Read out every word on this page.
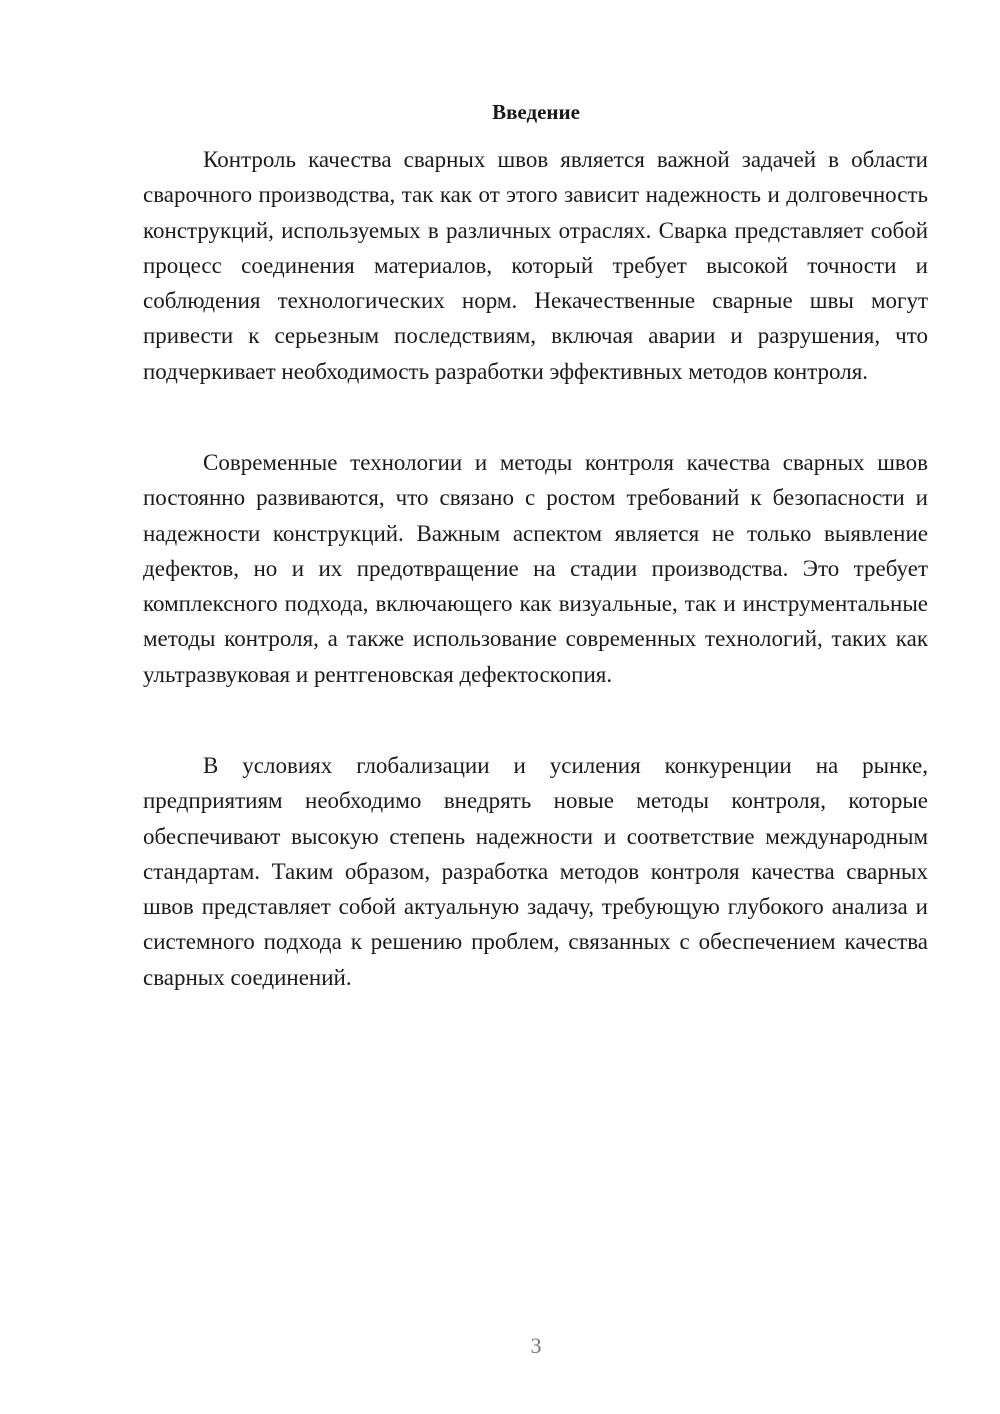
Введение

Контроль качества сварных швов является важной задачей в области сварочного производства, так как от этого зависит надежность и долговечность конструкций, используемых в различных отраслях. Сварка представляет собой процесс соединения материалов, который требует высокой точности и соблюдения технологических норм. Некачественные сварные швы могут привести к серьезным последствиям, включая аварии и разрушения, что подчеркивает необходимость разработки эффективных методов контроля.

Современные технологии и методы контроля качества сварных швов постоянно развиваются, что связано с ростом требований к безопасности и надежности конструкций. Важным аспектом является не только выявление дефектов, но и их предотвращение на стадии производства. Это требует комплексного подхода, включающего как визуальные, так и инструментальные методы контроля, а также использование современных технологий, таких как ультразвуковая и рентгеновская дефектоскопия.

В условиях глобализации и усиления конкуренции на рынке, предприятиям необходимо внедрять новые методы контроля, которые обеспечивают высокую степень надежности и соответствие международным стандартам. Таким образом, разработка методов контроля качества сварных швов представляет собой актуальную задачу, требующую глубокого анализа и системного подхода к решению проблем, связанных с обеспечением качества сварных соединений.

3
